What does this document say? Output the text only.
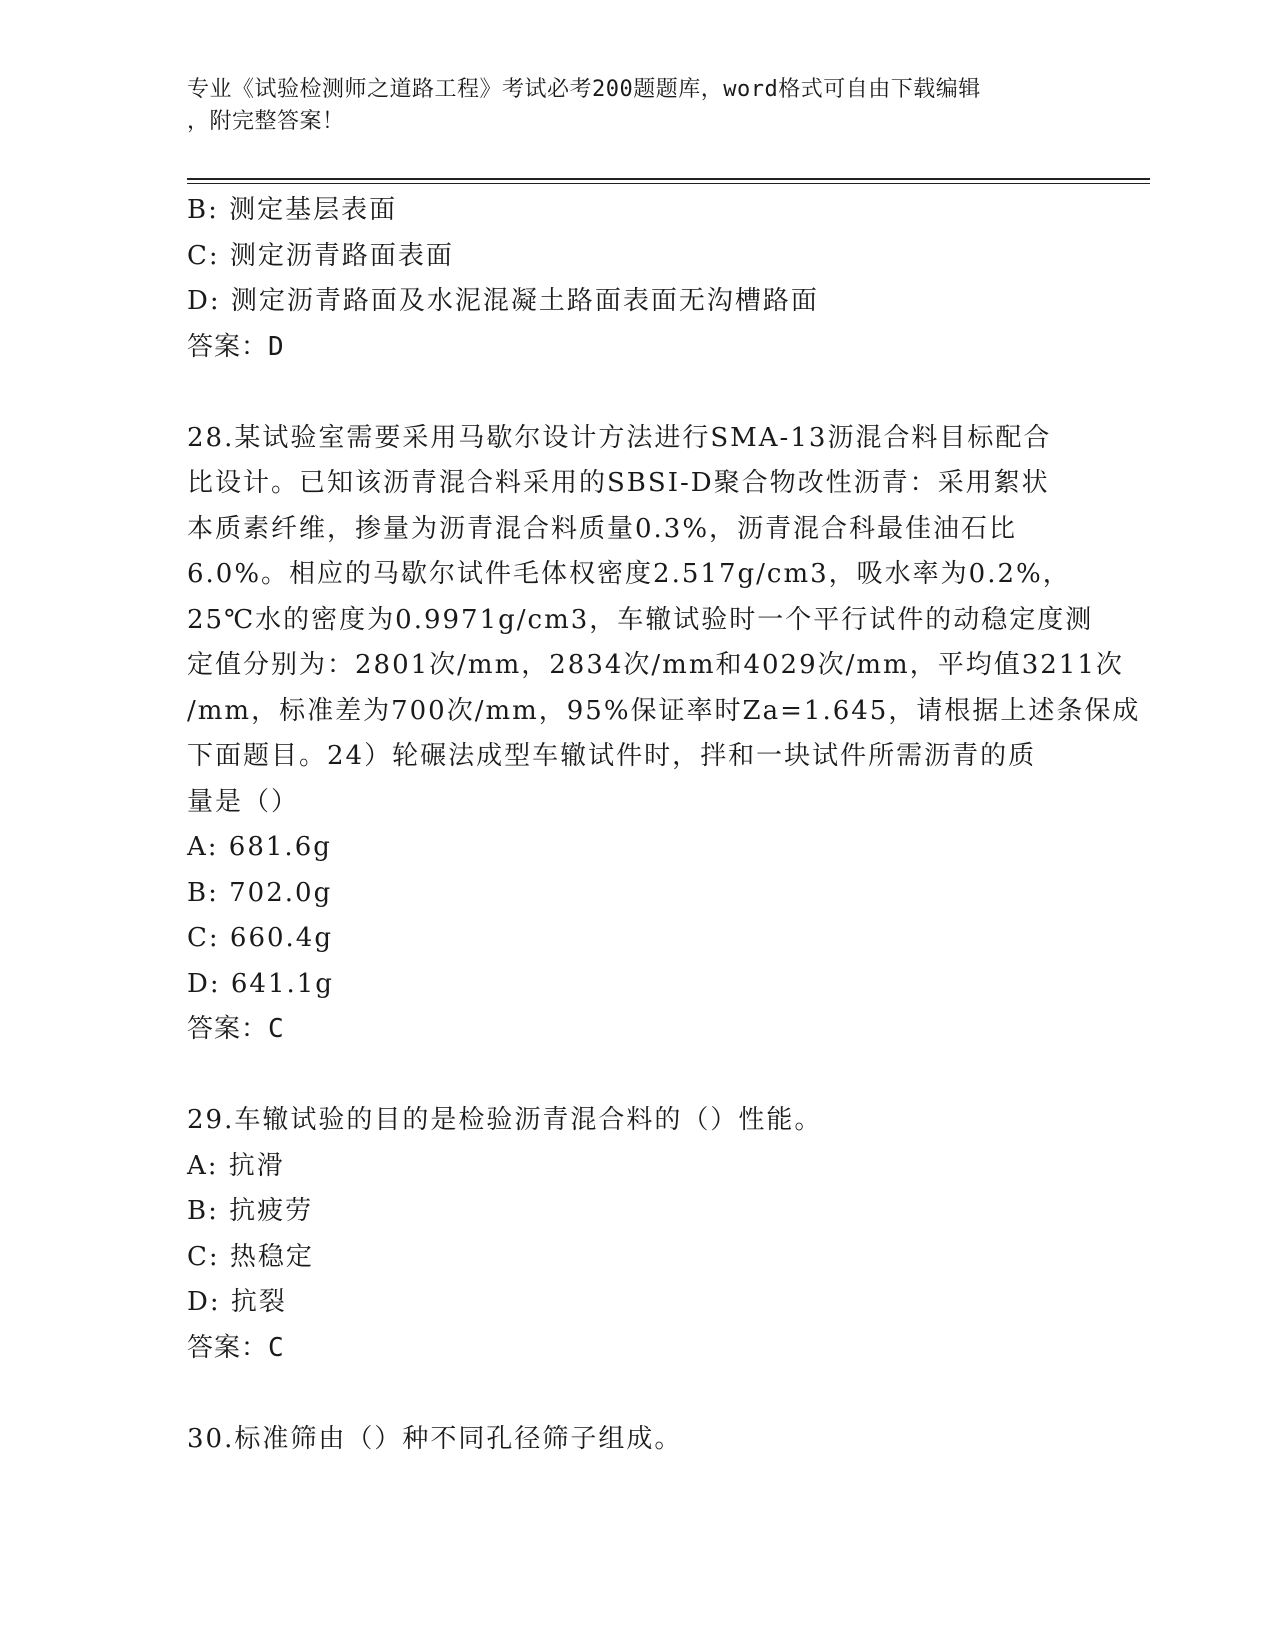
专业《试验检测师之道路工程》考试必考200题题库，word格式可自由下载编辑
，附完整答案！
B: 测定基层表面
C: 测定沥青路面表面
D: 测定沥青路面及水泥混凝土路面表面无沟槽路面
答案：D
28.某试验室需要采用马歇尔设计方法进行SMA-13沥混合料目标配合
比设计。已知该沥青混合料采用的SBSI-D聚合物改性沥青：采用絮状
本质素纤维，掺量为沥青混合料质量0.3%，沥青混合科最佳油石比
6.0%。相应的马歇尔试件毛体权密度2.517g/cm3，吸水率为0.2%，
25℃水的密度为0.9971g/cm3，车辙试验时一个平行试件的动稳定度测
定值分别为：2801次/mm，2834次/mm和4029次/mm，平均值3211次
/mm，标准差为700次/mm，95%保证率时Za=1.645，请根据上述条保成
下面题目。24）轮碾法成型车辙试件时，拌和一块试件所需沥青的质
量是（）
A: 681.6g
B: 702.0g
C: 660.4g
D: 641.1g
答案：C
29.车辙试验的目的是检验沥青混合料的（）性能。
A: 抗滑
B: 抗疲劳
C: 热稳定
D: 抗裂
答案：C
30.标准筛由（）种不同孔径筛子组成。
